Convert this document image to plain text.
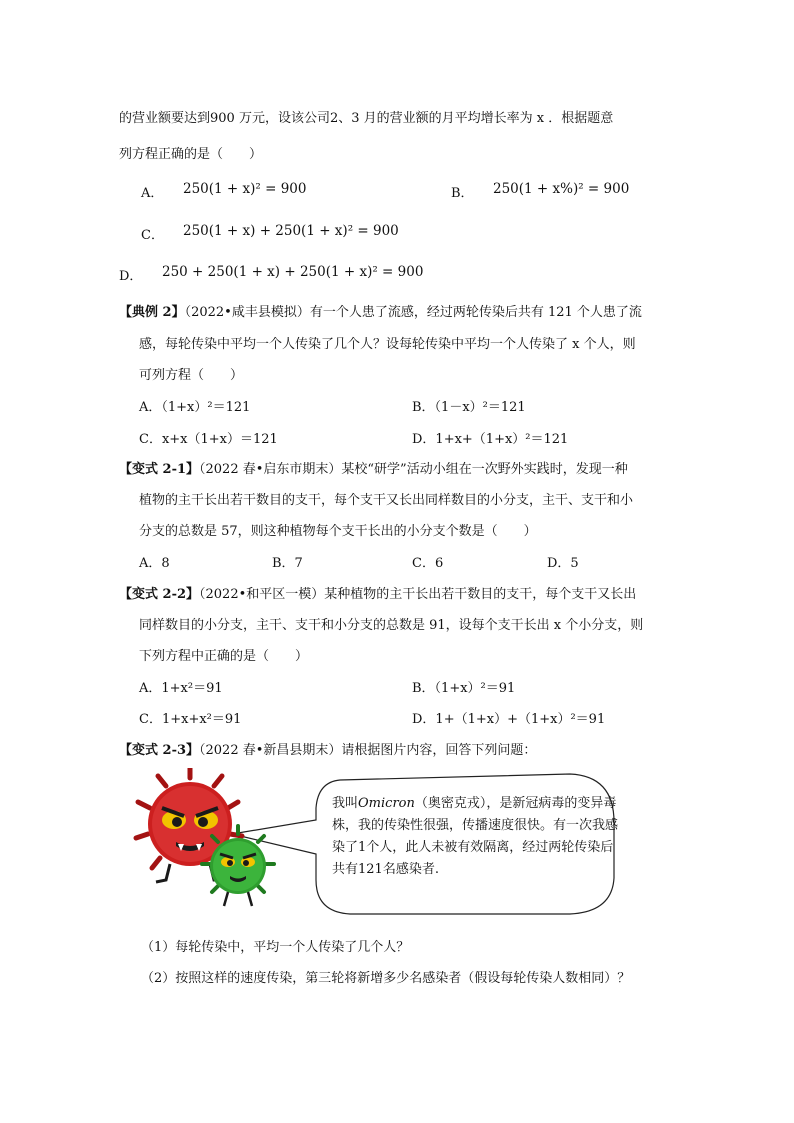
的营业额要达到900 万元，设该公司2、3 月的营业额的月平均增长率为 x ．根据题意
列方程正确的是（　　）
A． 250(1 + x)² = 900	B． 250(1 + x%)² = 900
C． 250(1 + x) + 250(1 + x)² = 900
D． 250 + 250(1 + x) + 250(1 + x)² = 900
【典例 2】（2022•咸丰县模拟）有一个人患了流感，经过两轮传染后共有 121 个人患了流
感，每轮传染中平均一个人传染了几个人？设每轮传染中平均一个人传染了 x 个人，则
可列方程（　　）
A．（1+x）²＝121	B．（1－x）²＝121
C．x+x（1+x）＝121	D．1+x+（1+x）²＝121
【变式 2-1】（2022 春•启东市期末）某校“研学”活动小组在一次野外实践时，发现一种
植物的主干长出若干数目的支干，每个支干又长出同样数目的小分支，主干、支干和小
分支的总数是 57，则这种植物每个支干长出的小分支个数是（　　）
A．8	B．7	C．6	D．5
【变式 2-2】（2022•和平区一模）某种植物的主干长出若干数目的支干，每个支干又长出
同样数目的小分支，主干、支干和小分支的总数是 91，设每个支干长出 x 个小分支，则
下列方程中正确的是（　　）
A．1+x²＝91	B．（1+x）²＝91
C．1+x+x²＝91	D．1+（1+x）+（1+x）²＝91
【变式 2-3】（2022 春•新昌县期末）请根据图片内容，回答下列问题：
我叫Omicron（奥密克戎），是新冠病毒的变异毒株，我的传染性很强，传播速度很快。有一次我感染了1个人，此人未被有效隔离，经过两轮传染后共有121名感染者.
（1）每轮传染中，平均一个人传染了几个人？
（2）按照这样的速度传染，第三轮将新增多少名感染者（假设每轮传染人数相同）？
